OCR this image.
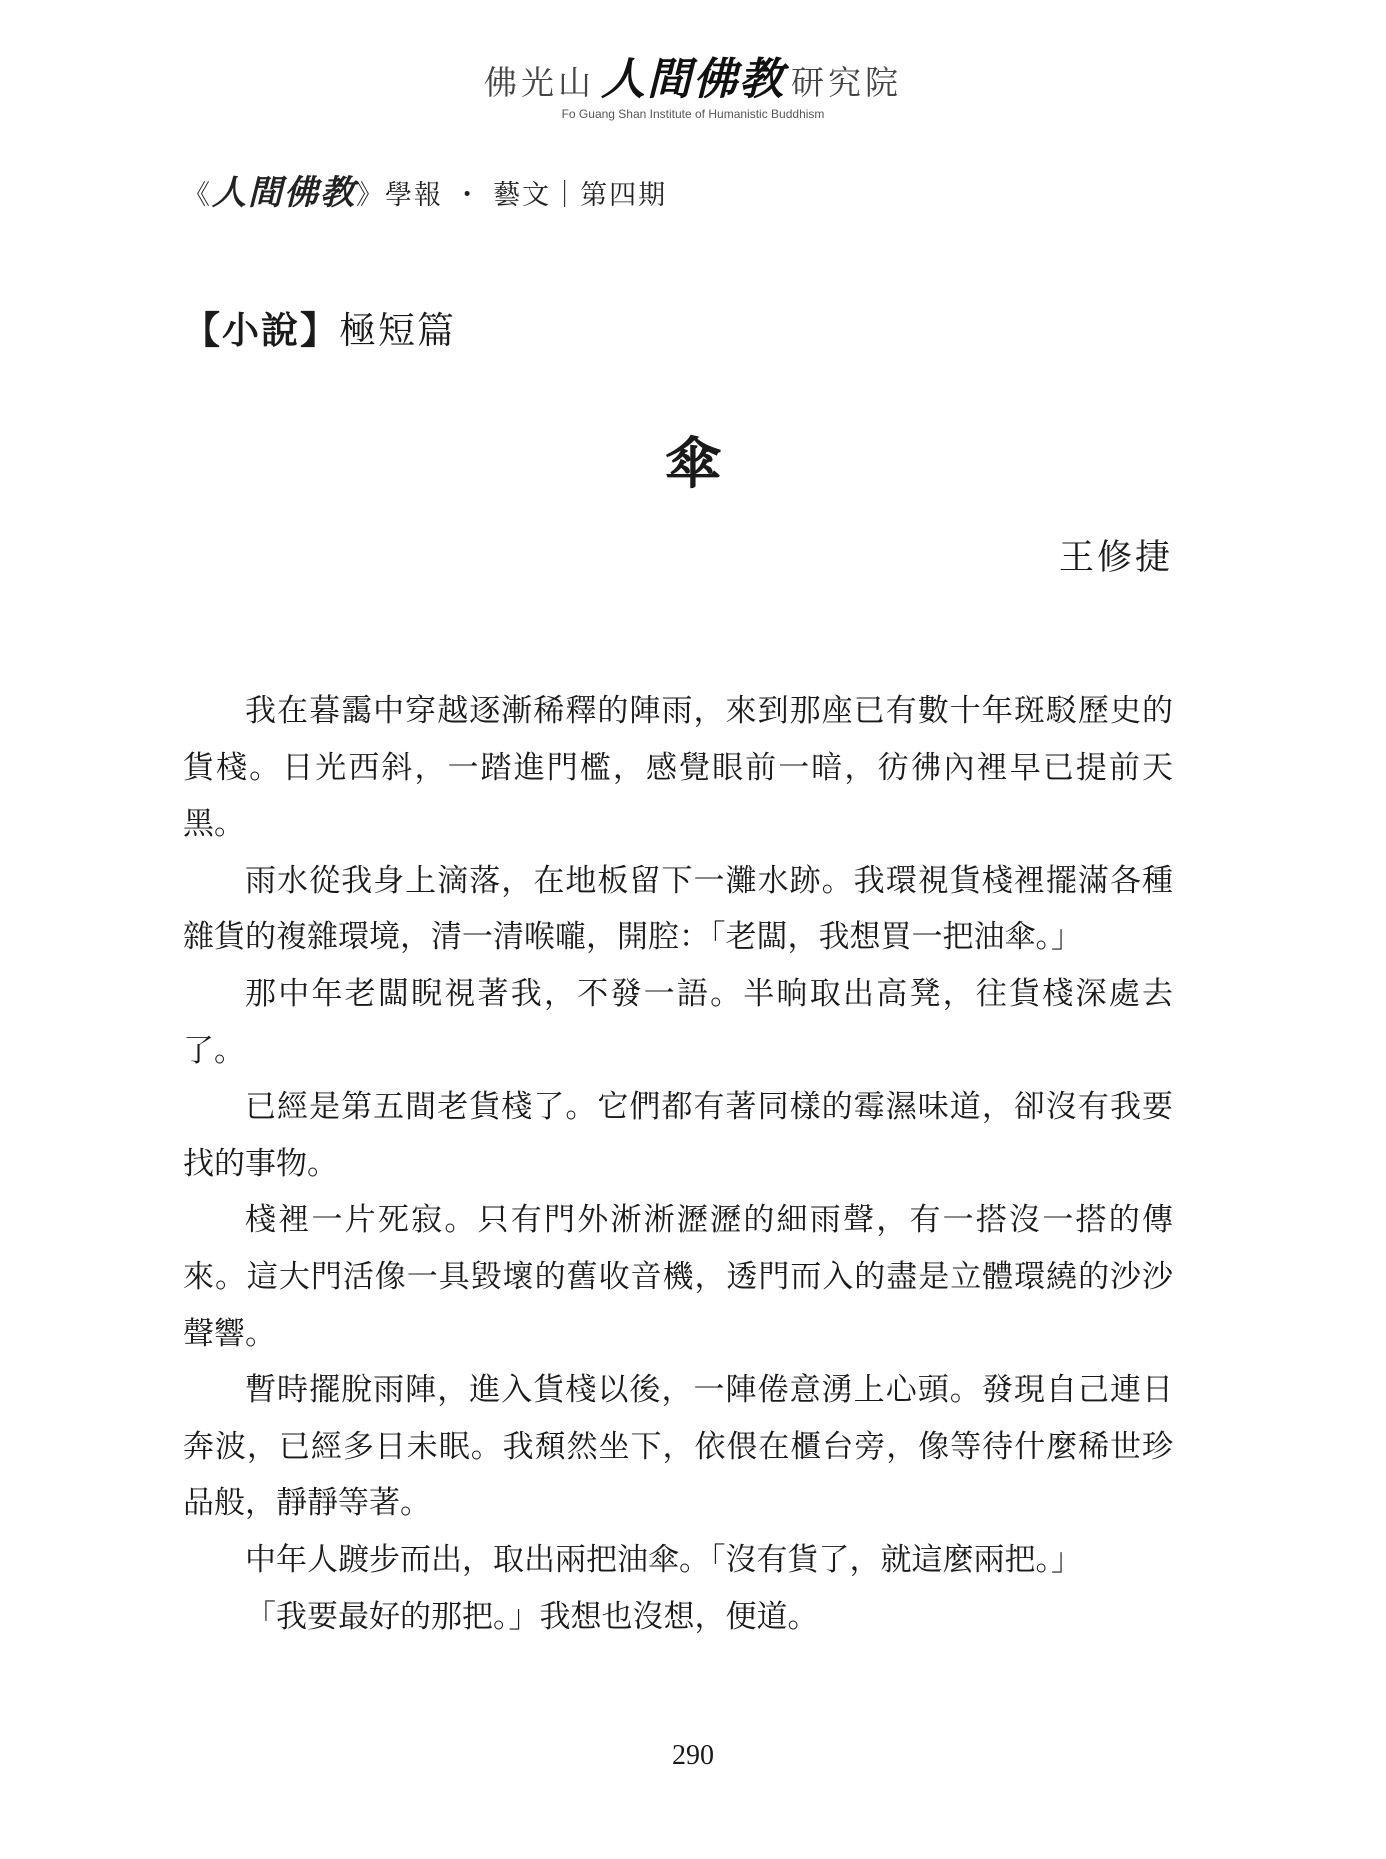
佛光山 人間佛教 研究院
Fo Guang Shan Institute of Humanistic Buddhism
《人間佛教》學報 ・ 藝文｜第四期
【小說】極短篇
傘
王修捷

我在暮靄中穿越逐漸稀釋的陣雨，來到那座已有數十年斑駁歷史的貨棧。日光西斜，一踏進門檻，感覺眼前一暗，彷彿內裡早已提前天黑。

雨水從我身上滴落，在地板留下一灘水跡。我環視貨棧裡擺滿各種雜貨的複雜環境，清一清喉嚨，開腔：「老闆，我想買一把油傘。」

那中年老闆睨視著我，不發一語。半晌取出高凳，往貨棧深處去了。

已經是第五間老貨棧了。它們都有著同樣的霉濕味道，卻沒有我要找的事物。

棧裡一片死寂。只有門外淅淅瀝瀝的細雨聲，有一搭沒一搭的傳來。這大門活像一具毀壞的舊收音機，透門而入的盡是立體環繞的沙沙聲響。

暫時擺脫雨陣，進入貨棧以後，一陣倦意湧上心頭。發現自己連日奔波，已經多日未眠。我頹然坐下，依偎在櫃台旁，像等待什麼稀世珍品般，靜靜等著。

中年人踱步而出，取出兩把油傘。「沒有貨了，就這麼兩把。」

「我要最好的那把。」我想也沒想，便道。

290
